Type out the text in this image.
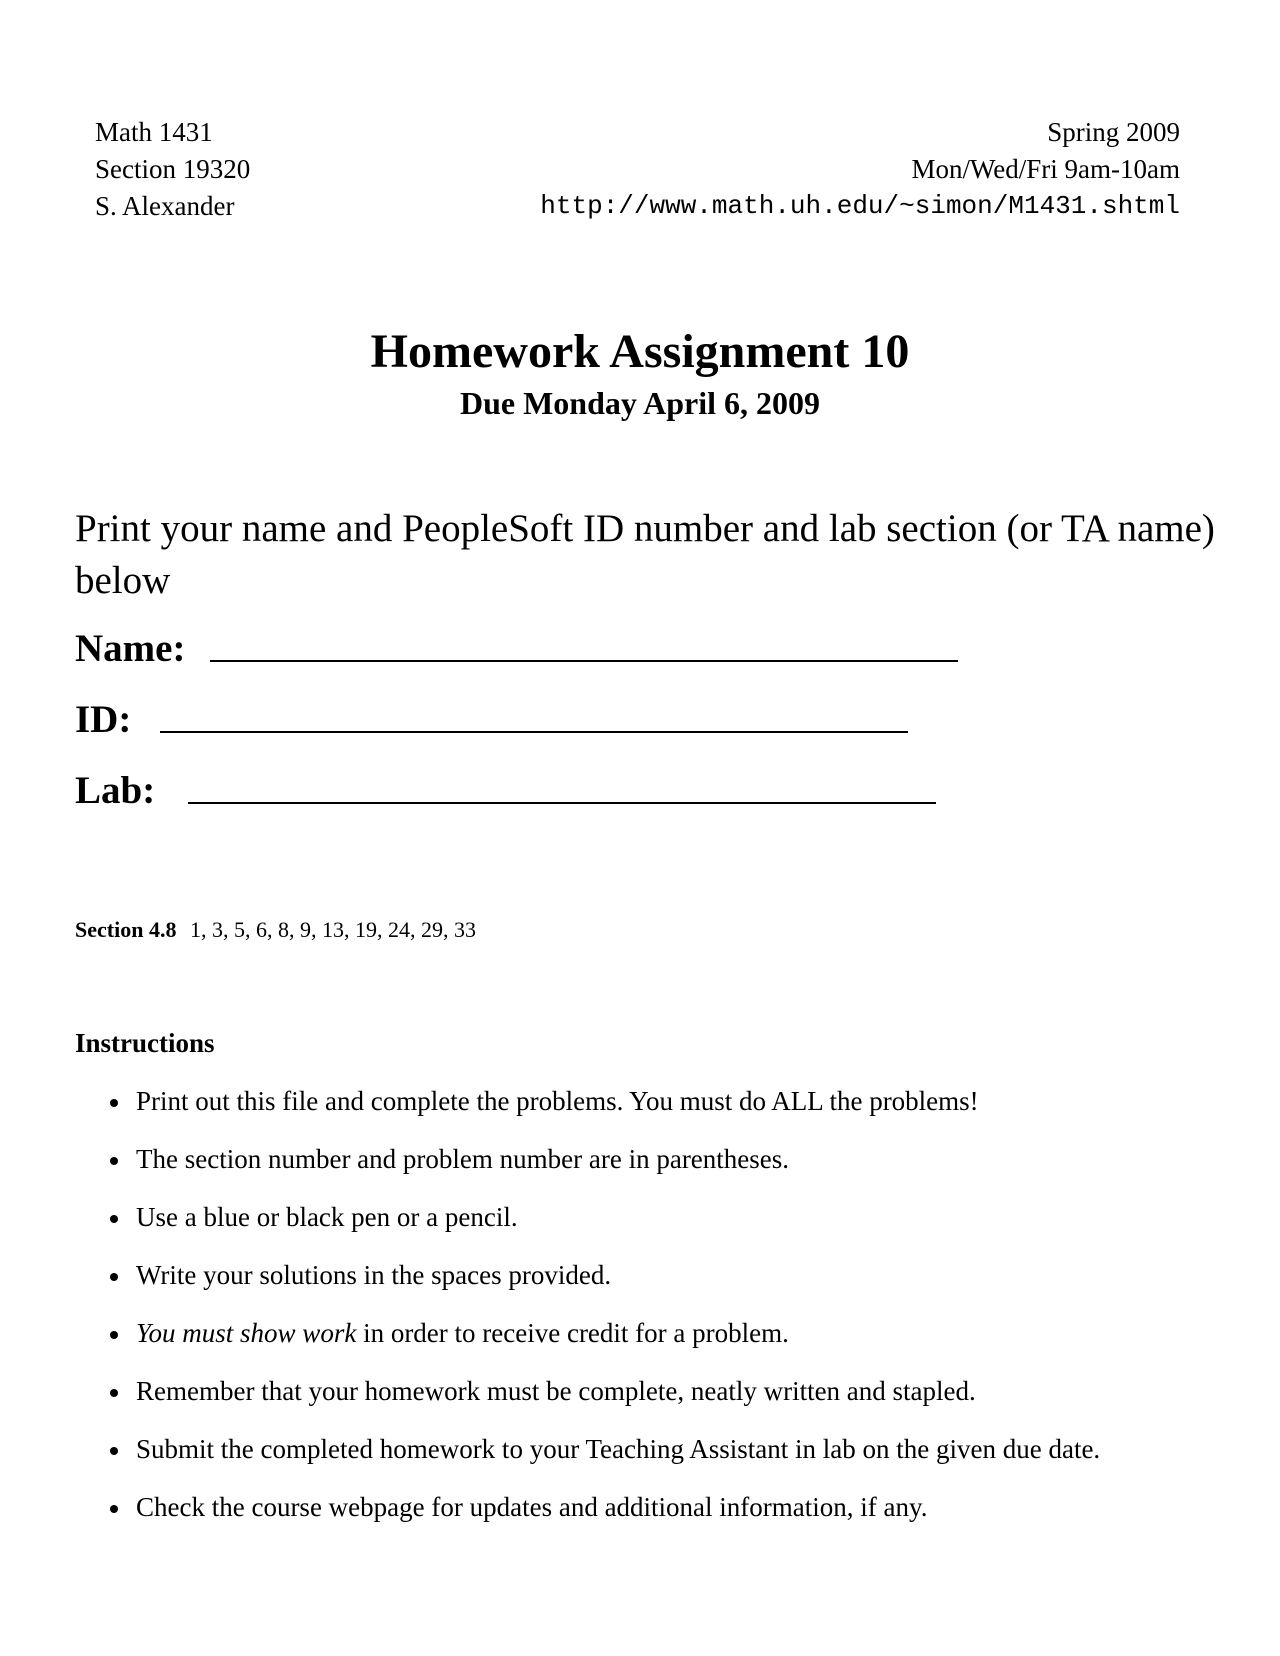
Math 1431
Section 19320
S. Alexander
Spring 2009
Mon/Wed/Fri 9am-10am
http://www.math.uh.edu/~simon/M1431.shtml
Homework Assignment 10
Due Monday April 6, 2009
Print your name and PeopleSoft ID number and lab section (or TA name) below
Name:
ID:
Lab:
Section 4.8 1, 3, 5, 6, 8, 9, 13, 19, 24, 29, 33
Instructions
Print out this file and complete the problems. You must do ALL the problems!
The section number and problem number are in parentheses.
Use a blue or black pen or a pencil.
Write your solutions in the spaces provided.
You must show work in order to receive credit for a problem.
Remember that your homework must be complete, neatly written and stapled.
Submit the completed homework to your Teaching Assistant in lab on the given due date.
Check the course webpage for updates and additional information, if any.
